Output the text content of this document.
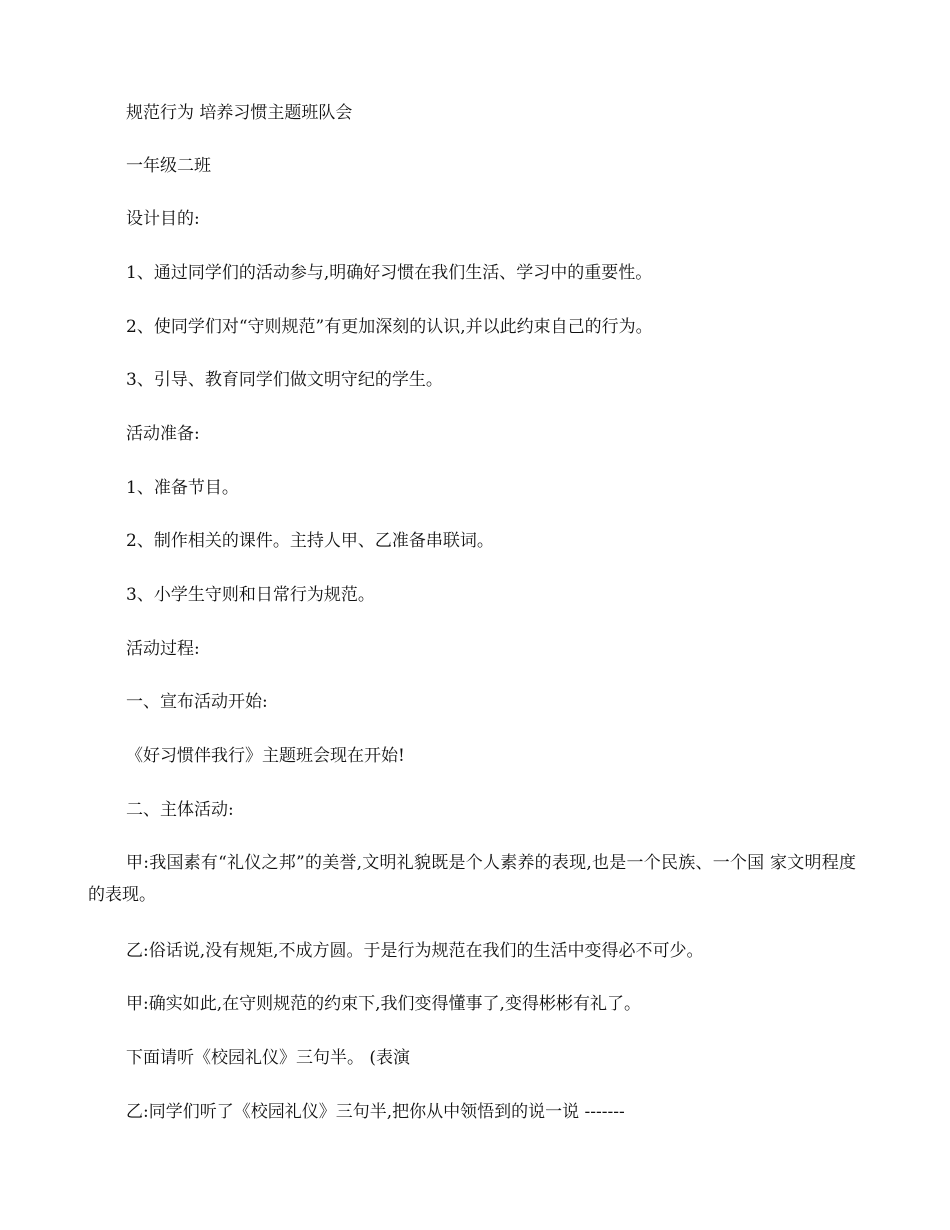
规范行为 培养习惯主题班队会

一年级二班

设计目的:

1、通过同学们的活动参与,明确好习惯在我们生活、学习中的重要性。

2、使同学们对“守则规范”有更加深刻的认识,并以此约束自己的行为。

3、引导、教育同学们做文明守纪的学生。

活动准备:

1、准备节目。

2、制作相关的课件。主持人甲、乙准备串联词。

3、小学生守则和日常行为规范。

活动过程:

一、宣布活动开始:

《好习惯伴我行》主题班会现在开始!

二、主体活动:

甲:我国素有“礼仪之邦”的美誉,文明礼貌既是个人素养的表现,也是一个民族、一个国 家文明程度的表现。

乙:俗话说,没有规矩,不成方圆。于是行为规范在我们的生活中变得必不可少。

甲:确实如此,在守则规范的约束下,我们变得懂事了,变得彬彬有礼了。

下面请听《校园礼仪》三句半。 (表演

乙:同学们听了《校园礼仪》三句半,把你从中领悟到的说一说 -------
